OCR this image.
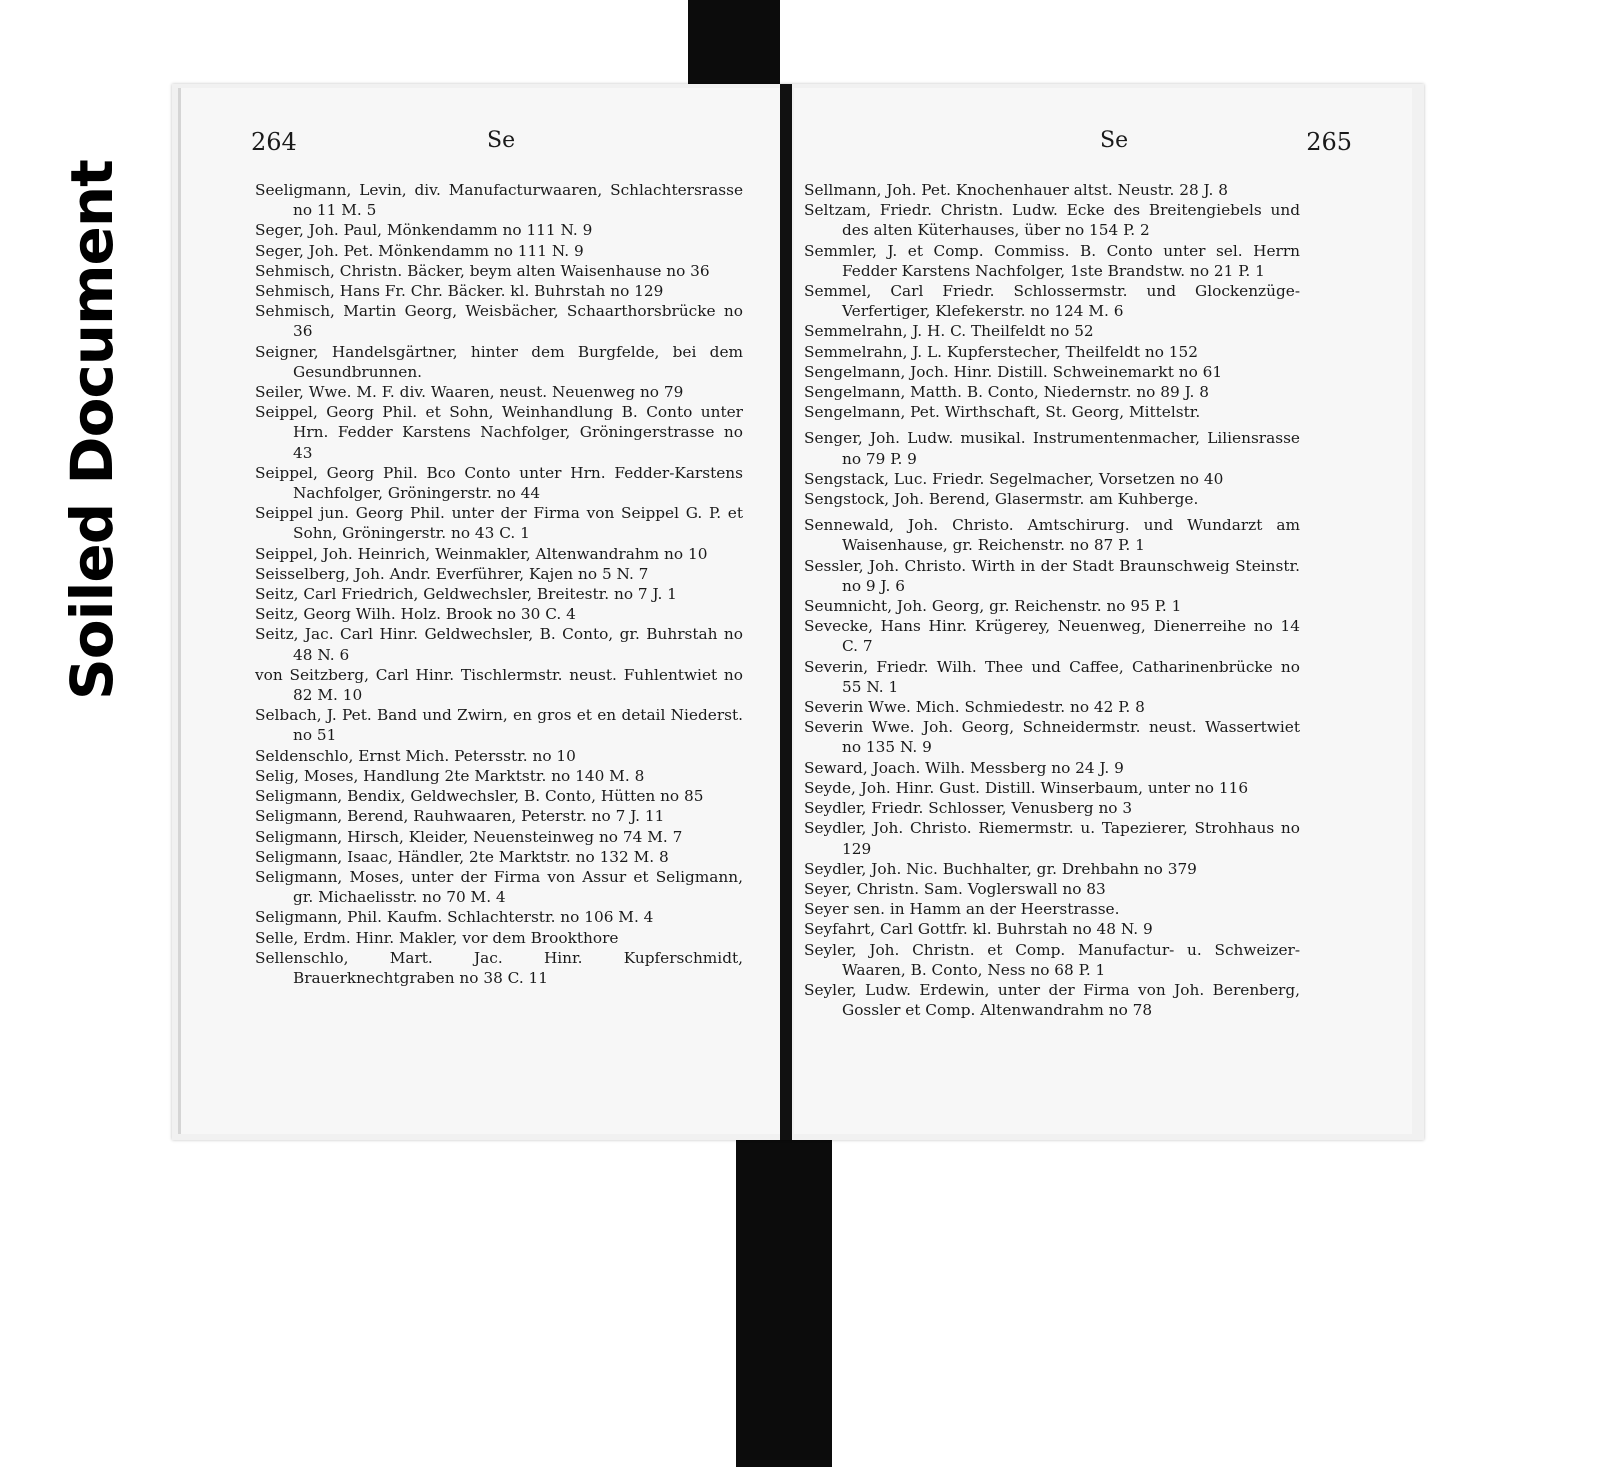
Soiled Document
264	Se
Seeligmann, Levin, div. Manufacturwaaren, Schlachtersrasse no 11 M. 5
Seger, Joh. Paul, Mönkendamm no 111 N. 9
Seger, Joh. Pet. Mönkendamm no 111 N. 9
Sehmisch, Christn. Bäcker, beym alten Waisenhause no 36
Sehmisch, Hans Fr. Chr. Bäcker. kl. Buhrstah no 129
Sehmisch, Martin Georg, Weisbächer, Schaarthorsbrücke no 36
Seigner, Handelsgärtner, hinter dem Burgfelde, bei dem Gesundbrunnen.
Seiler, Wwe. M. F. div. Waaren, neust. Neuenweg no 79
Seippel, Georg Phil. et Sohn, Weinhandlung B. Conto unter Hrn. Fedder Karstens Nachfolger, Gröningerstrasse no 43
Seippel, Georg Phil. Bco Conto unter Hrn. Fedder-Karstens Nachfolger, Gröningerstr. no 44
Seippel jun. Georg Phil. unter der Firma von Seippel G. P. et Sohn, Gröningerstr. no 43 C. 1
Seippel, Joh. Heinrich, Weinmakler, Altenwandrahm no 10
Seisselberg, Joh. Andr. Everführer, Kajen no 5 N. 7
Seitz, Carl Friedrich, Geldwechsler, Breitestr. no 7 J. 1
Seitz, Georg Wilh. Holz. Brook no 30 C. 4
Seitz, Jac. Carl Hinr. Geldwechsler, B. Conto, gr. Buhrstah no 48 N. 6
von Seitzberg, Carl Hinr. Tischlermstr. neust. Fuhlentwiet no 82 M. 10
Selbach, J. Pet. Band und Zwirn, en gros et en detail Niederst. no 51
Seldenschlo, Ernst Mich. Petersstr. no 10
Selig, Moses, Handlung 2te Marktstr. no 140 M. 8
Seligmann, Bendix, Geldwechsler, B. Conto, Hütten no 85
Seligmann, Berend, Rauhwaaren, Peterstr. no 7 J. 11
Seligmann, Hirsch, Kleider, Neuensteinweg no 74 M. 7
Seligmann, Isaac, Händler, 2te Marktstr. no 132 M. 8
Seligmann, Moses, unter der Firma von Assur et Seligmann, gr. Michaelisstr. no 70 M. 4
Seligmann, Phil. Kaufm. Schlachterstr. no 106 M. 4
Selle, Erdm. Hinr. Makler, vor dem Brookthore
Sellenschlo, Mart. Jac. Hinr. Kupferschmidt, Brauerknechtgraben no 38 C. 11
Se	265
Sellmann, Joh. Pet. Knochenhauer altst. Neustr. 28 J. 8
Seltzam, Friedr. Christn. Ludw. Ecke des Breitengiebels und des alten Küterhauses, über no 154 P. 2
Semmler, J. et Comp. Commiss. B. Conto unter sel. Herrn Fedder Karstens Nachfolger, 1ste Brandstw. no 21 P. 1
Semmel, Carl Friedr. Schlossermstr. und Glockenzüge-Verfertiger, Klefekerstr. no 124 M. 6
Semmelrahn, J. H. C. Theilfeldt no 52
Semmelrahn, J. L. Kupferstecher, Theilfeldt no 152
Sengelmann, Joch. Hinr. Distill. Schweinemarkt no 61
Sengelmann, Matth. B. Conto, Niedernstr. no 89 J. 8
Sengelmann, Pet. Wirthschaft, St. Georg, Mittelstr.
Senger, Joh. Ludw. musikal. Instrumentenmacher, Liliensrasse no 79 P. 9
Sengstack, Luc. Friedr. Segelmacher, Vorsetzen no 40
Sengstock, Joh. Berend, Glasermstr. am Kuhberge.
Sennewald, Joh. Christo. Amtschirurg. und Wundarzt am Waisenhause, gr. Reichenstr. no 87 P. 1
Sessler, Joh. Christo. Wirth in der Stadt Braunschweig Steinstr. no 9 J. 6
Seumnicht, Joh. Georg, gr. Reichenstr. no 95 P. 1
Sevecke, Hans Hinr. Krügerey, Neuenweg, Dienerreihe no 14 C. 7
Severin, Friedr. Wilh. Thee und Caffee, Catharinenbrücke no 55 N. 1
Severin Wwe. Mich. Schmiedestr. no 42 P. 8
Severin Wwe. Joh. Georg, Schneidermstr. neust. Wassertwiet no 135 N. 9
Seward, Joach. Wilh. Messberg no 24 J. 9
Seyde, Joh. Hinr. Gust. Distill. Winserbaum, unter no 116
Seydler, Friedr. Schlosser, Venusberg no 3
Seydler, Joh. Christo. Riemermstr. u. Tapezierer, Strohhaus no 129
Seydler, Joh. Nic. Buchhalter, gr. Drehbahn no 379
Seyer, Christn. Sam. Voglerswall no 83
Seyer sen. in Hamm an der Heerstrasse.
Seyfahrt, Carl Gottfr. kl. Buhrstah no 48 N. 9
Seyler, Joh. Christn. et Comp. Manufactur- u. Schweizer-Waaren, B. Conto, Ness no 68 P. 1
Seyler, Ludw. Erdewin, unter der Firma von Joh. Berenberg, Gossler et Comp. Altenwandrahm no 78
